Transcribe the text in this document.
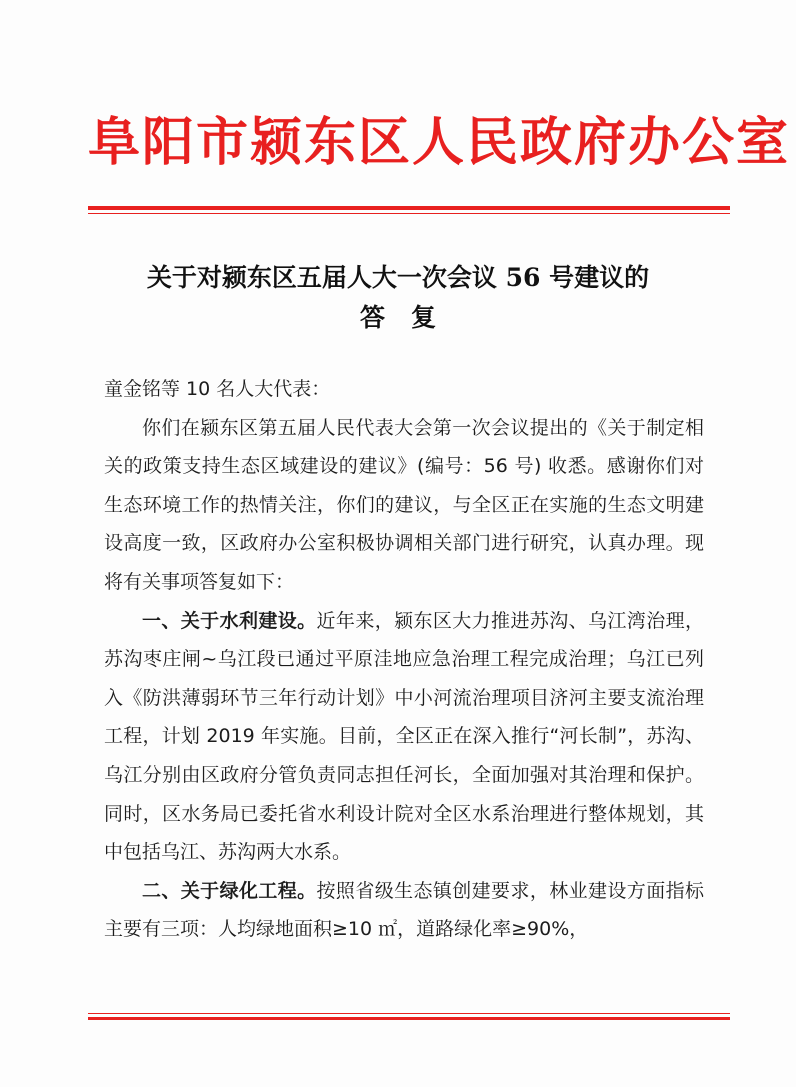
阜阳市颍东区人民政府办公室
关于对颍东区五届人大一次会议 56 号建议的
答复

童金铭等 10 名人大代表：

你们在颍东区第五届人民代表大会第一次会议提出的《关于制定相关的政策支持生态区域建设的建议》(编号：56 号) 收悉。感谢你们对生态环境工作的热情关注，你们的建议，与全区正在实施的生态文明建设高度一致，区政府办公室积极协调相关部门进行研究，认真办理。现将有关事项答复如下：

一、关于水利建设。近年来，颍东区大力推进苏沟、乌江湾治理，苏沟枣庄闸~乌江段已通过平原洼地应急治理工程完成治理；乌江已列入《防洪薄弱环节三年行动计划》中小河流治理项目济河主要支流治理工程，计划 2019 年实施。目前，全区正在深入推行“河长制”，苏沟、乌江分别由区政府分管负责同志担任河长，全面加强对其治理和保护。同时，区水务局已委托省水利设计院对全区水系治理进行整体规划，其中包括乌江、苏沟两大水系。

二、关于绿化工程。按照省级生态镇创建要求，林业建设方面指标主要有三项：人均绿地面积≥10 ㎡，道路绿化率≥90%，
